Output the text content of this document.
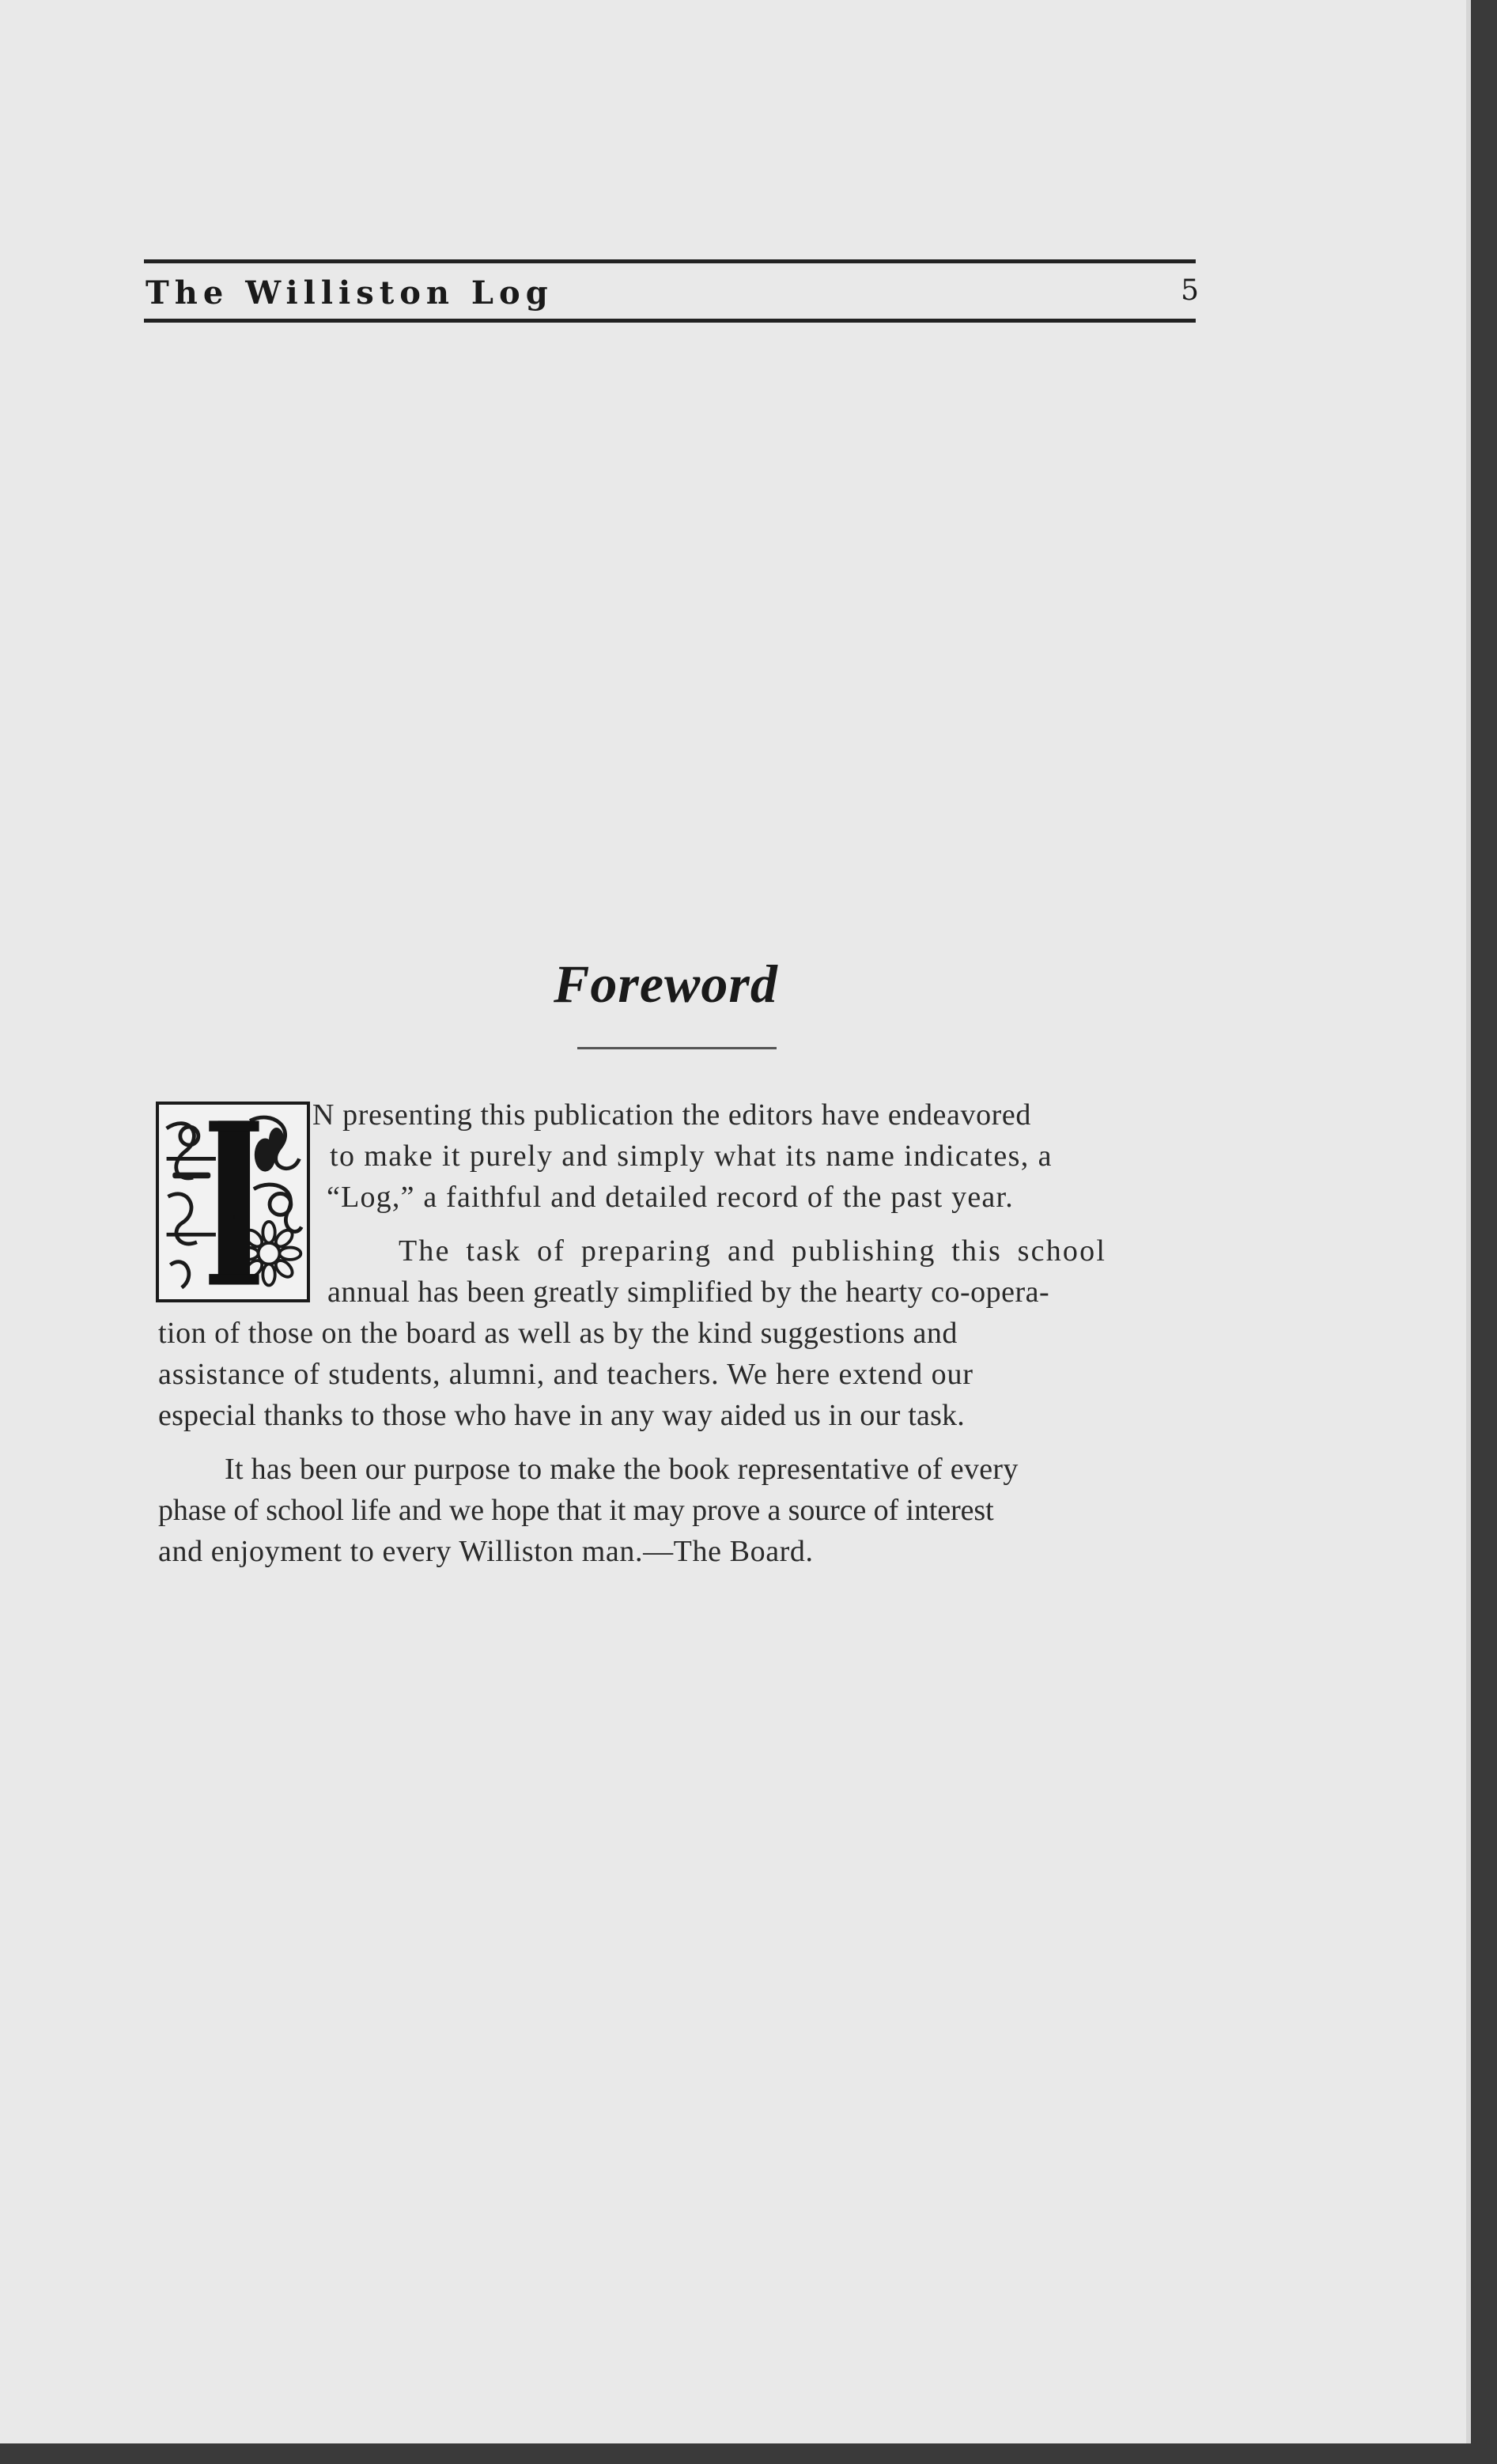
The Williston Log	5
Foreword
I
N presenting this publication the editors have endeavored
to make it purely and simply what its name indicates, a
“Log,” a faithful and detailed record of the past year.
The task of preparing and publishing this school
annual has been greatly simplified by the hearty co-opera-
tion of those on the board as well as by the kind suggestions and
assistance of students, alumni, and teachers. We here extend our
especial thanks to those who have in any way aided us in our task.
It has been our purpose to make the book representative of every
phase of school life and we hope that it may prove a source of interest
and enjoyment to every Williston man.—The Board.
